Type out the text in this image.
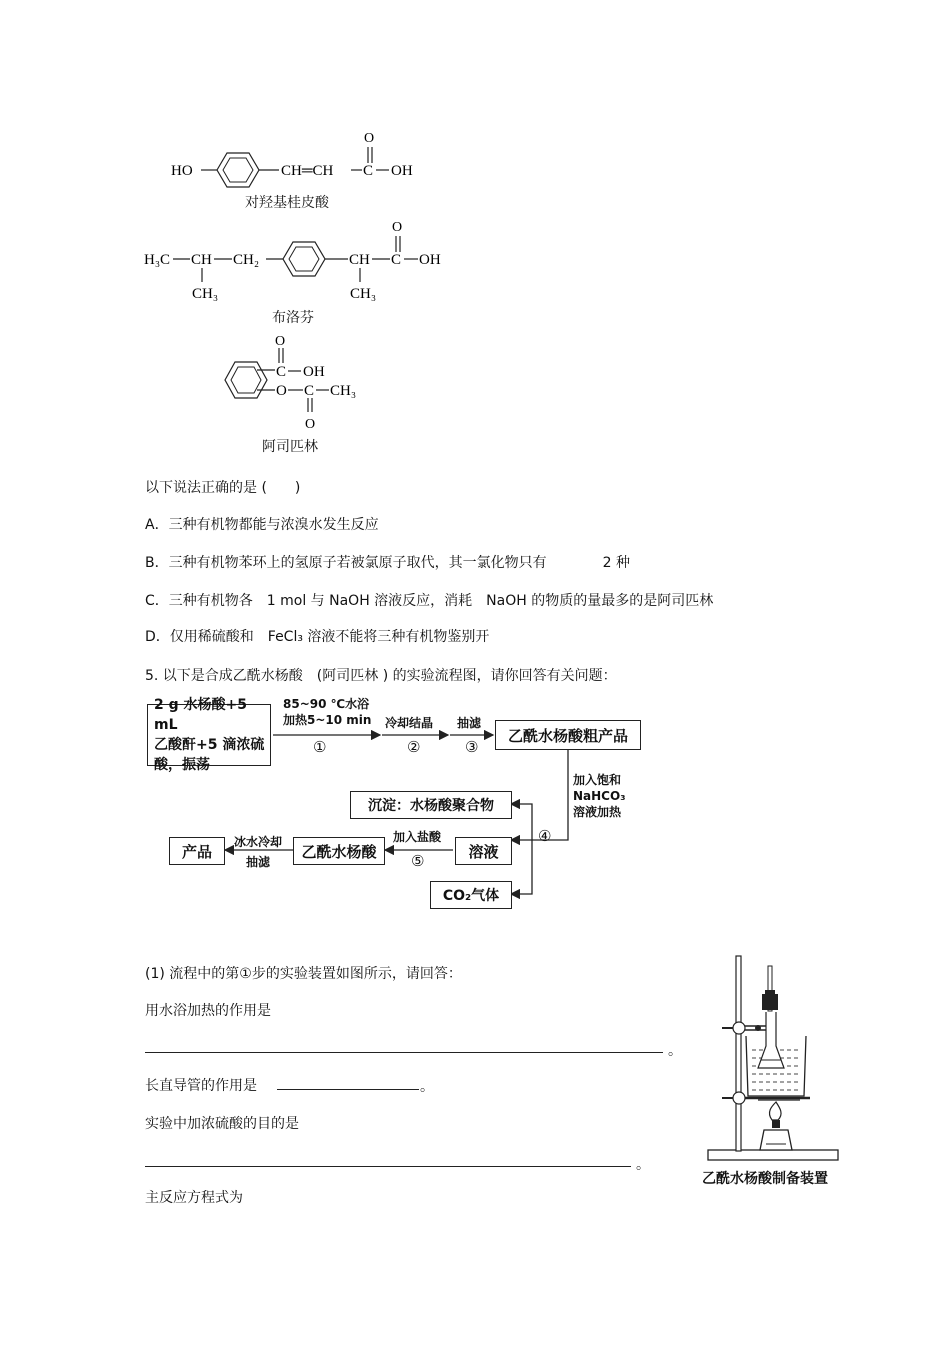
HO	CH═CH C
O
OH
对羟基桂皮酸
H₃C CH
CH₃
CH₂	CH
CH₃
C
O
OH
布洛芬
O
C OH
O C CH₃
O
阿司匹林
以下说法正确的是 (　　)
A．三种有机物都能与浓溴水发生反应
B．三种有机物苯环上的氢原子若被氯原子取代，其一氯化物只有　　　　2 种
C．三种有机物各　1 mol 与 NaOH 溶液反应，消耗　NaOH 的物质的量最多的是阿司匹林
D．仅用稀硫酸和　FeCl₃ 溶液不能将三种有机物鉴别开
5. 以下是合成乙酰水杨酸　(阿司匹林 ) 的实验流程图，请你回答有关问题：
2 g 水杨酸+5 mL
乙酸酐+5 滴浓硫
酸，振荡
85~90 ℃水浴
加热5~10 min
①
冷却结晶
②
抽滤
③
乙酰水杨酸粗产品
加入饱和
NaHCO₃
溶液加热
沉淀：水杨酸聚合物
④
溶液
加入盐酸
⑤
乙酰水杨酸
冰水冷却
抽滤
产品
CO₂气体
(1) 流程中的第①步的实验装置如图所示，请回答：
用水浴加热的作用是
。
长直导管的作用是	。
实验中加浓硫酸的目的是
。
主反应方程式为
乙酰水杨酸制备装置
